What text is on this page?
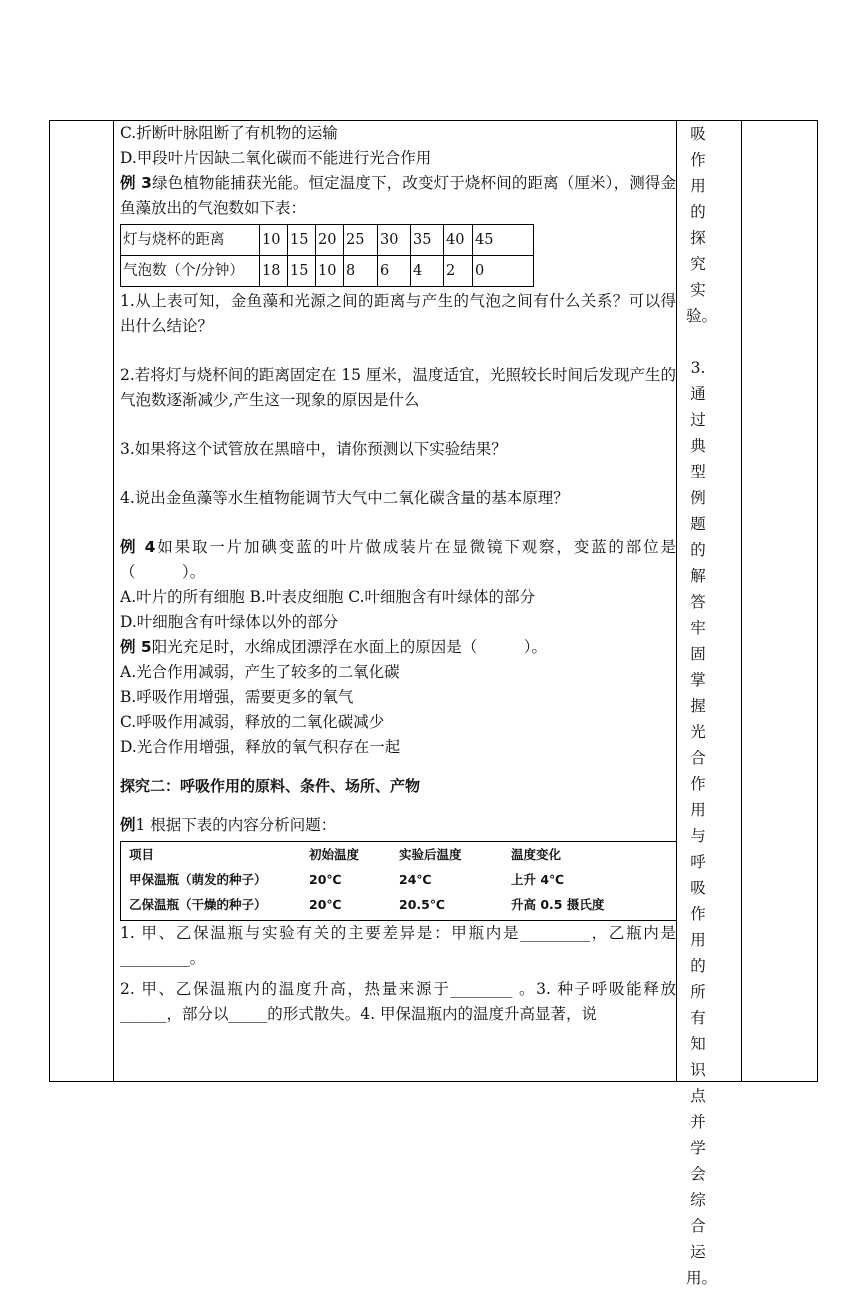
C.折断叶脉阻断了有机物的运输

D.甲段叶片因缺二氧化碳而不能进行光合作用

例 3绿色植物能捕获光能。恒定温度下，改变灯于烧杯间的距离（厘米），测得金鱼藻放出的气泡数如下表：

灯与烧杯的距离	10	15	20	25	30	35	40	45
气泡数（个/分钟）	18	15	10	8	6	4	2	0

1.从上表可知，金鱼藻和光源之间的距离与产生的气泡之间有什么关系？可以得出什么结论？

2.若将灯与烧杯间的距离固定在 15 厘米，温度适宜，光照较长时间后发现产生的气泡数逐渐减少,产生这一现象的原因是什么

3.如果将这个试管放在黑暗中，请你预测以下实验结果？

4.说出金鱼藻等水生植物能调节大气中二氧化碳含量的基本原理？

例 4如果取一片加碘变蓝的叶片做成装片在显微镜下观察，变蓝的部位是（　　　）。

A.叶片的所有细胞 B.叶表皮细胞 C.叶细胞含有叶绿体的部分

D.叶细胞含有叶绿体以外的部分

例 5阳光充足时，水绵成团漂浮在水面上的原因是（　　　）。

A.光合作用减弱，产生了较多的二氧化碳

B.呼吸作用增强，需要更多的氧气

C.呼吸作用减弱，释放的二氧化碳减少

D.光合作用增强，释放的氧气积存在一起

探究二：呼吸作用的原料、条件、场所、产物

例1 根据下表的内容分析问题：

项目	初始温度	实验后温度	温度变化
甲保温瓶（萌发的种子）	20℃	24℃	上升 4℃
乙保温瓶（干燥的种子）	20℃	20.5℃	升高 0.5 摄氏度

1. 甲、乙保温瓶与实验有关的主要差异是：甲瓶内是_________，乙瓶内是_________。

2. 甲、乙保温瓶内的温度升高，热量来源于________ 。3. 种子呼吸能释放______，部分以_____的形式散失。4. 甲保温瓶内的温度升高显著，说

吸作
用的
探究
实验。
3.通
过典
型例
题的
解答
牢固
掌握
光合
作用
与呼
吸作
用的
所有
知识
点并
学会
综合
运用。
